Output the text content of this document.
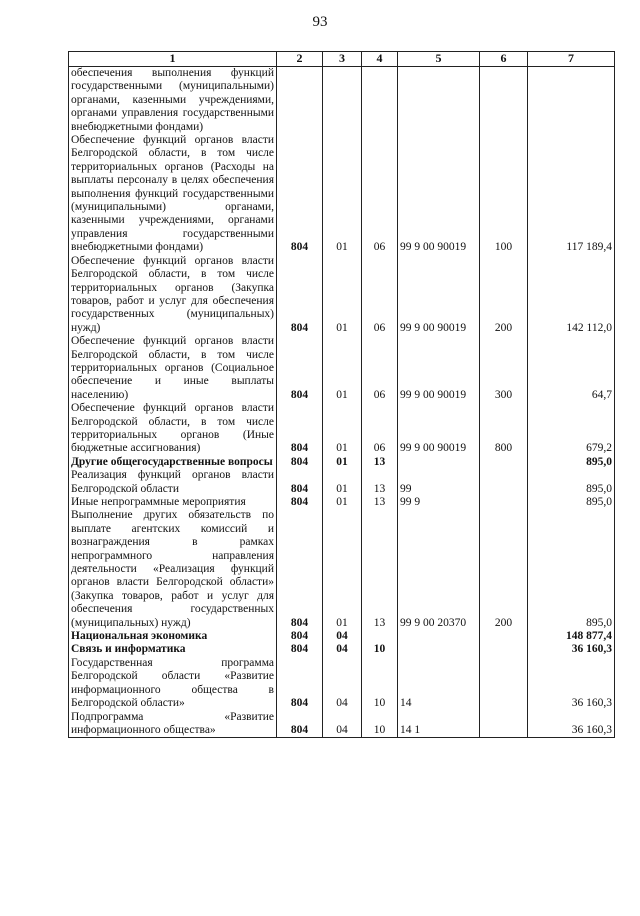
93
1	2	3	4	5	6	7
обеспечения выполнения функций государственными (муниципальными) органами, казенными учреждениями, органами управления государственными внебюджетными фондами)						
Обеспечение функций органов власти Белгородской области, в том числе территориальных органов (Расходы на выплаты персоналу в целях обеспечения выполнения функций государственными (муниципальными) органами, казенными учреждениями, органами управления государственными внебюджетными фондами)	804	01	06	99 9 00 90019	100	117 189,4
Обеспечение функций органов власти Белгородской области, в том числе территориальных органов (Закупка товаров, работ и услуг для обеспечения государственных (муниципальных) нужд)	804	01	06	99 9 00 90019	200	142 112,0
Обеспечение функций органов власти Белгородской области, в том числе территориальных органов (Социальное обеспечение и иные выплаты населению)	804	01	06	99 9 00 90019	300	64,7
Обеспечение функций органов власти Белгородской области, в том числе территориальных органов (Иные бюджетные ассигнования)	804	01	06	99 9 00 90019	800	679,2
Другие общегосударственные вопросы	804	01	13			895,0
Реализация функций органов власти Белгородской области	804	01	13	99		895,0
Иные непрограммные мероприятия	804	01	13	99 9		895,0
Выполнение других обязательств по выплате агентских комиссий и вознаграждения в рамках непрограммного направления деятельности «Реализация функций органов власти Белгородской области» (Закупка товаров, работ и услуг для обеспечения государственных (муниципальных) нужд)	804	01	13	99 9 00 20370	200	895,0
Национальная экономика	804	04				148 877,4
Связь и информатика	804	04	10			36 160,3
Государственная программа Белгородской области «Развитие информационного общества в Белгородской области»	804	04	10	14		36 160,3
Подпрограмма «Развитие информационного общества»	804	04	10	14 1		36 160,3
